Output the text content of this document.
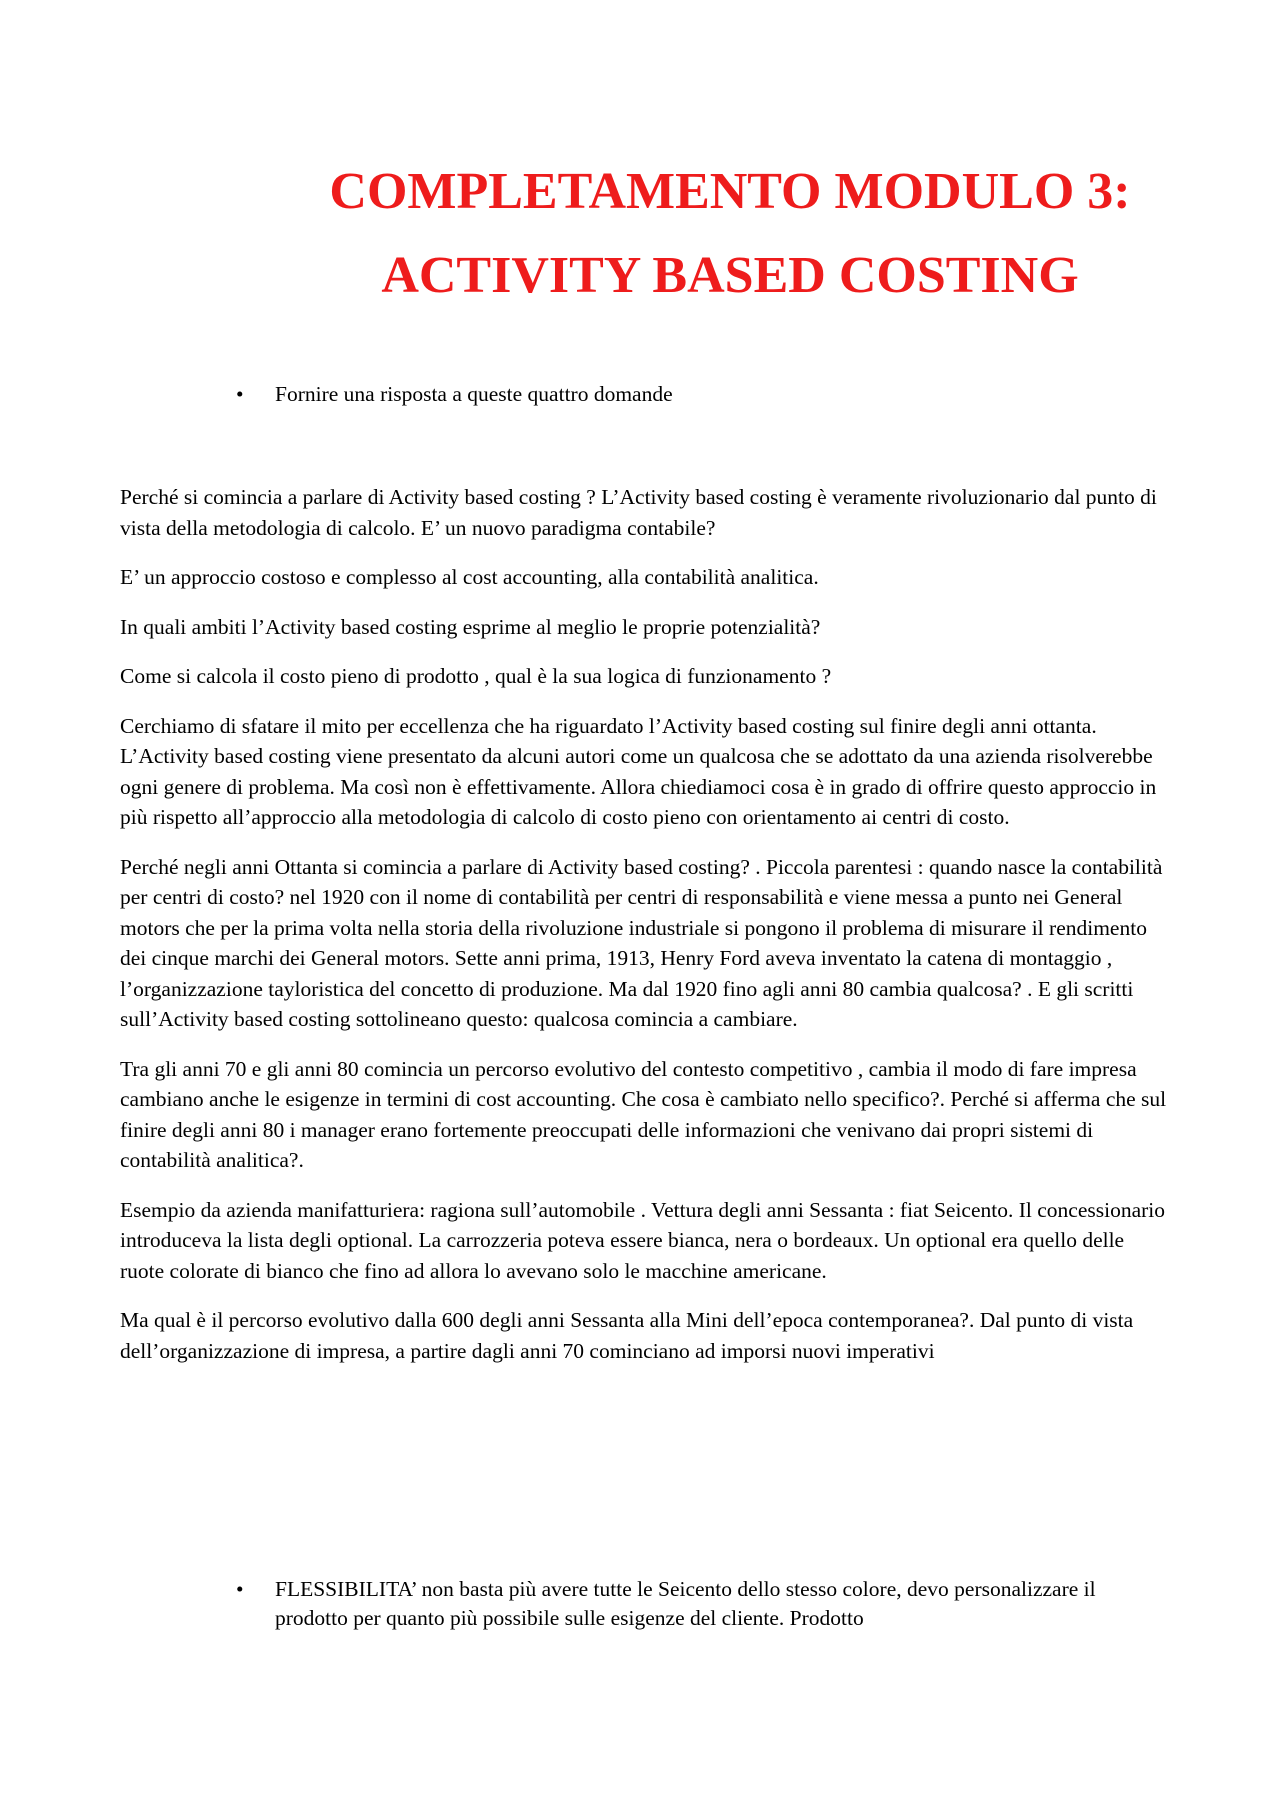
COMPLETAMENTO MODULO 3:
ACTIVITY BASED COSTING
•	Fornire una risposta a queste quattro domande

Perché si comincia a parlare di Activity based costing ? L’Activity based costing è veramente rivoluzionario dal punto di vista della metodologia di calcolo. E’ un nuovo paradigma contabile?

E’ un approccio costoso e complesso al cost accounting, alla contabilità analitica.

In quali ambiti l’Activity based costing esprime al meglio le proprie potenzialità?

Come si calcola il costo pieno di prodotto , qual è la sua logica di funzionamento ?

Cerchiamo di sfatare il mito per eccellenza che ha riguardato l’Activity based costing sul finire degli anni ottanta. L’Activity based costing viene presentato da alcuni autori come un qualcosa che se adottato da una azienda risolverebbe ogni genere di problema. Ma così non è effettivamente. Allora chiediamoci cosa è in grado di offrire questo approccio in più rispetto all’approccio alla metodologia di calcolo di costo pieno con orientamento ai centri di costo.

Perché negli anni Ottanta si comincia a parlare di Activity based costing? . Piccola parentesi : quando nasce la contabilità per centri di costo? nel 1920 con il nome di contabilità per centri di responsabilità e viene messa a punto nei General motors che per la prima volta nella storia della rivoluzione industriale si pongono il problema di misurare il rendimento dei cinque marchi dei General motors. Sette anni prima, 1913, Henry Ford aveva inventato la catena di montaggio , l’organizzazione tayloristica del concetto di produzione. Ma dal 1920 fino agli anni 80 cambia qualcosa? . E gli scritti sull’Activity based costing sottolineano questo: qualcosa comincia a cambiare.

Tra gli anni 70 e gli anni 80 comincia un percorso evolutivo del contesto competitivo , cambia il modo di fare impresa cambiano anche le esigenze in termini di cost accounting. Che cosa è cambiato nello specifico?. Perché si afferma che sul finire degli anni 80 i manager erano fortemente preoccupati delle informazioni che venivano dai propri sistemi di contabilità analitica?.

Esempio da azienda manifatturiera: ragiona sull’automobile . Vettura degli anni Sessanta : fiat Seicento. Il concessionario introduceva la lista degli optional. La carrozzeria poteva essere bianca, nera o bordeaux. Un optional era quello delle ruote colorate di bianco che fino ad allora lo avevano solo le macchine americane.

Ma qual è il percorso evolutivo dalla 600 degli anni Sessanta alla Mini dell’epoca contemporanea?. Dal punto di vista dell’organizzazione di impresa, a partire dagli anni 70 cominciano ad imporsi nuovi imperativi

•	FLESSIBILITA’ non basta più avere tutte le Seicento dello stesso colore, devo personalizzare il prodotto per quanto più possibile sulle esigenze del cliente. Prodotto
